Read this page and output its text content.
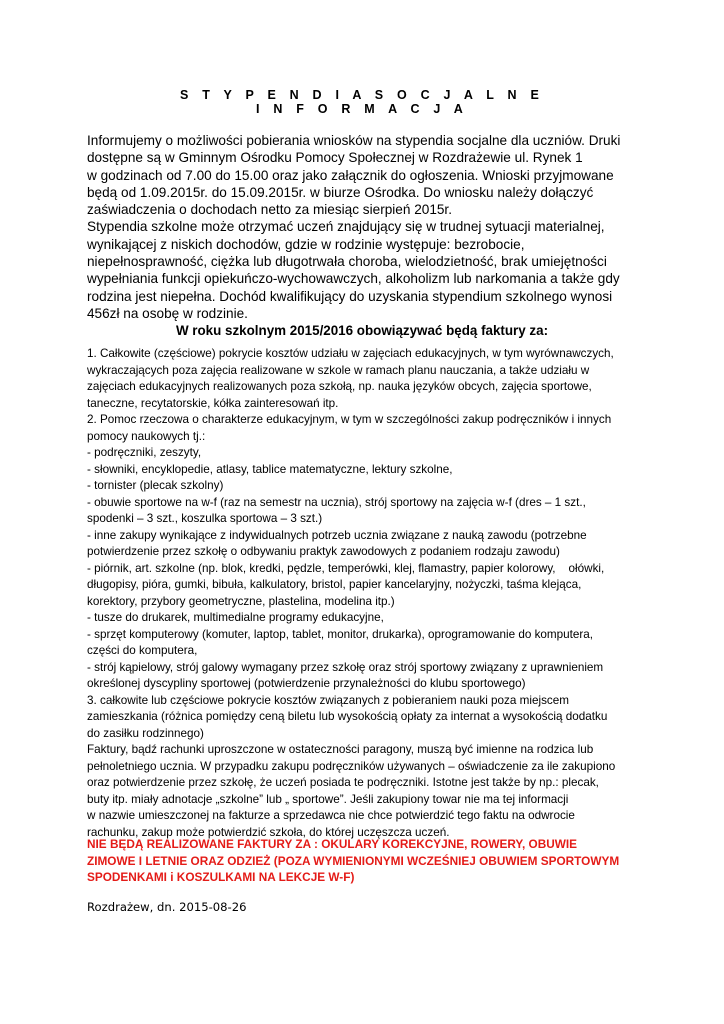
S T Y P E N D I A S O C J A L N E
I N F O R M A C J A
Informujemy o możliwości pobierania wniosków na stypendia socjalne dla uczniów. Druki
dostępne są w Gminnym Ośrodku Pomocy Społecznej w Rozdrażewie ul. Rynek 1
w godzinach od 7.00 do 15.00 oraz jako załącznik do ogłoszenia. Wnioski przyjmowane
będą od 1.09.2015r. do 15.09.2015r. w biurze Ośrodka. Do wniosku należy dołączyć
zaświadczenia o dochodach netto za miesiąc sierpień 2015r.
Stypendia szkolne może otrzymać uczeń znajdujący się w trudnej sytuacji materialnej,
wynikającej z niskich dochodów, gdzie w rodzinie występuje: bezrobocie,
niepełnosprawność, ciężka lub długotrwała choroba, wielodzietność, brak umiejętności
wypełniania funkcji opiekuńczo-wychowawczych, alkoholizm lub narkomania a także gdy
rodzina jest niepełna. Dochód kwalifikujący do uzyskania stypendium szkolnego wynosi
456zł na osobę w rodzinie.
W roku szkolnym 2015/2016 obowiązywać będą faktury za:
1. Całkowite (częściowe) pokrycie kosztów udziału w zajęciach edukacyjnych, w tym wyrównawczych,
wykraczających poza zajęcia realizowane w szkole w ramach planu nauczania, a także udziału w
zajęciach edukacyjnych realizowanych poza szkołą, np. nauka języków obcych, zajęcia sportowe,
taneczne, recytatorskie, kółka zainteresowań itp.
2. Pomoc rzeczowa o charakterze edukacyjnym, w tym w szczególności zakup podręczników i innych
pomocy naukowych tj.:
- podręczniki, zeszyty,
- słowniki, encyklopedie, atlasy, tablice matematyczne, lektury szkolne,
- tornister (plecak szkolny)
- obuwie sportowe na w-f (raz na semestr na ucznia), strój sportowy na zajęcia w-f (dres – 1 szt.,
spodenki – 3 szt., koszulka sportowa – 3 szt.)
- inne zakupy wynikające z indywidualnych potrzeb ucznia związane z nauką zawodu (potrzebne
potwierdzenie przez szkołę o odbywaniu praktyk zawodowych z podaniem rodzaju zawodu)
- piórnik, art. szkolne (np. blok, kredki, pędzle, temperówki, klej, flamastry, papier kolorowy,    ołówki,
długopisy, pióra, gumki, bibuła, kalkulatory, bristol, papier kancelaryjny, nożyczki, taśma klejąca,
korektory, przybory geometryczne, plastelina, modelina itp.)
- tusze do drukarek, multimedialne programy edukacyjne,
- sprzęt komputerowy (komuter, laptop, tablet, monitor, drukarka), oprogramowanie do komputera,
części do komputera,
- strój kąpielowy, strój galowy wymagany przez szkołę oraz strój sportowy związany z uprawnieniem
określonej dyscypliny sportowej (potwierdzenie przynależności do klubu sportowego)
3. całkowite lub częściowe pokrycie kosztów związanych z pobieraniem nauki poza miejscem
zamieszkania (różnica pomiędzy ceną biletu lub wysokością opłaty za internat a wysokością dodatku
do zasiłku rodzinnego)
Faktury, bądź rachunki uproszczone w ostateczności paragony, muszą być imienne na rodzica lub
pełnoletniego ucznia. W przypadku zakupu podręczników używanych – oświadczenie za ile zakupiono
oraz potwierdzenie przez szkołę, że uczeń posiada te podręczniki. Istotne jest także by np.: plecak,
buty itp. miały adnotacje „szkolne” lub „ sportowe”. Jeśli zakupiony towar nie ma tej informacji
w nazwie umieszczonej na fakturze a sprzedawca nie chce potwierdzić tego faktu na odwrocie
rachunku, zakup może potwierdzić szkoła, do której uczęszcza uczeń.
NIE BĘDĄ REALIZOWANE FAKTURY ZA : OKULARY KOREKCYJNE, ROWERY, OBUWIE
ZIMOWE I LETNIE ORAZ ODZIEŻ (POZA WYMIENIONYMI WCZEŚNIEJ OBUWIEM SPORTOWYM
SPODENKAMI i KOSZULKAMI NA LEKCJE W-F)
Rozdrażew, dn. 2015-08-26
